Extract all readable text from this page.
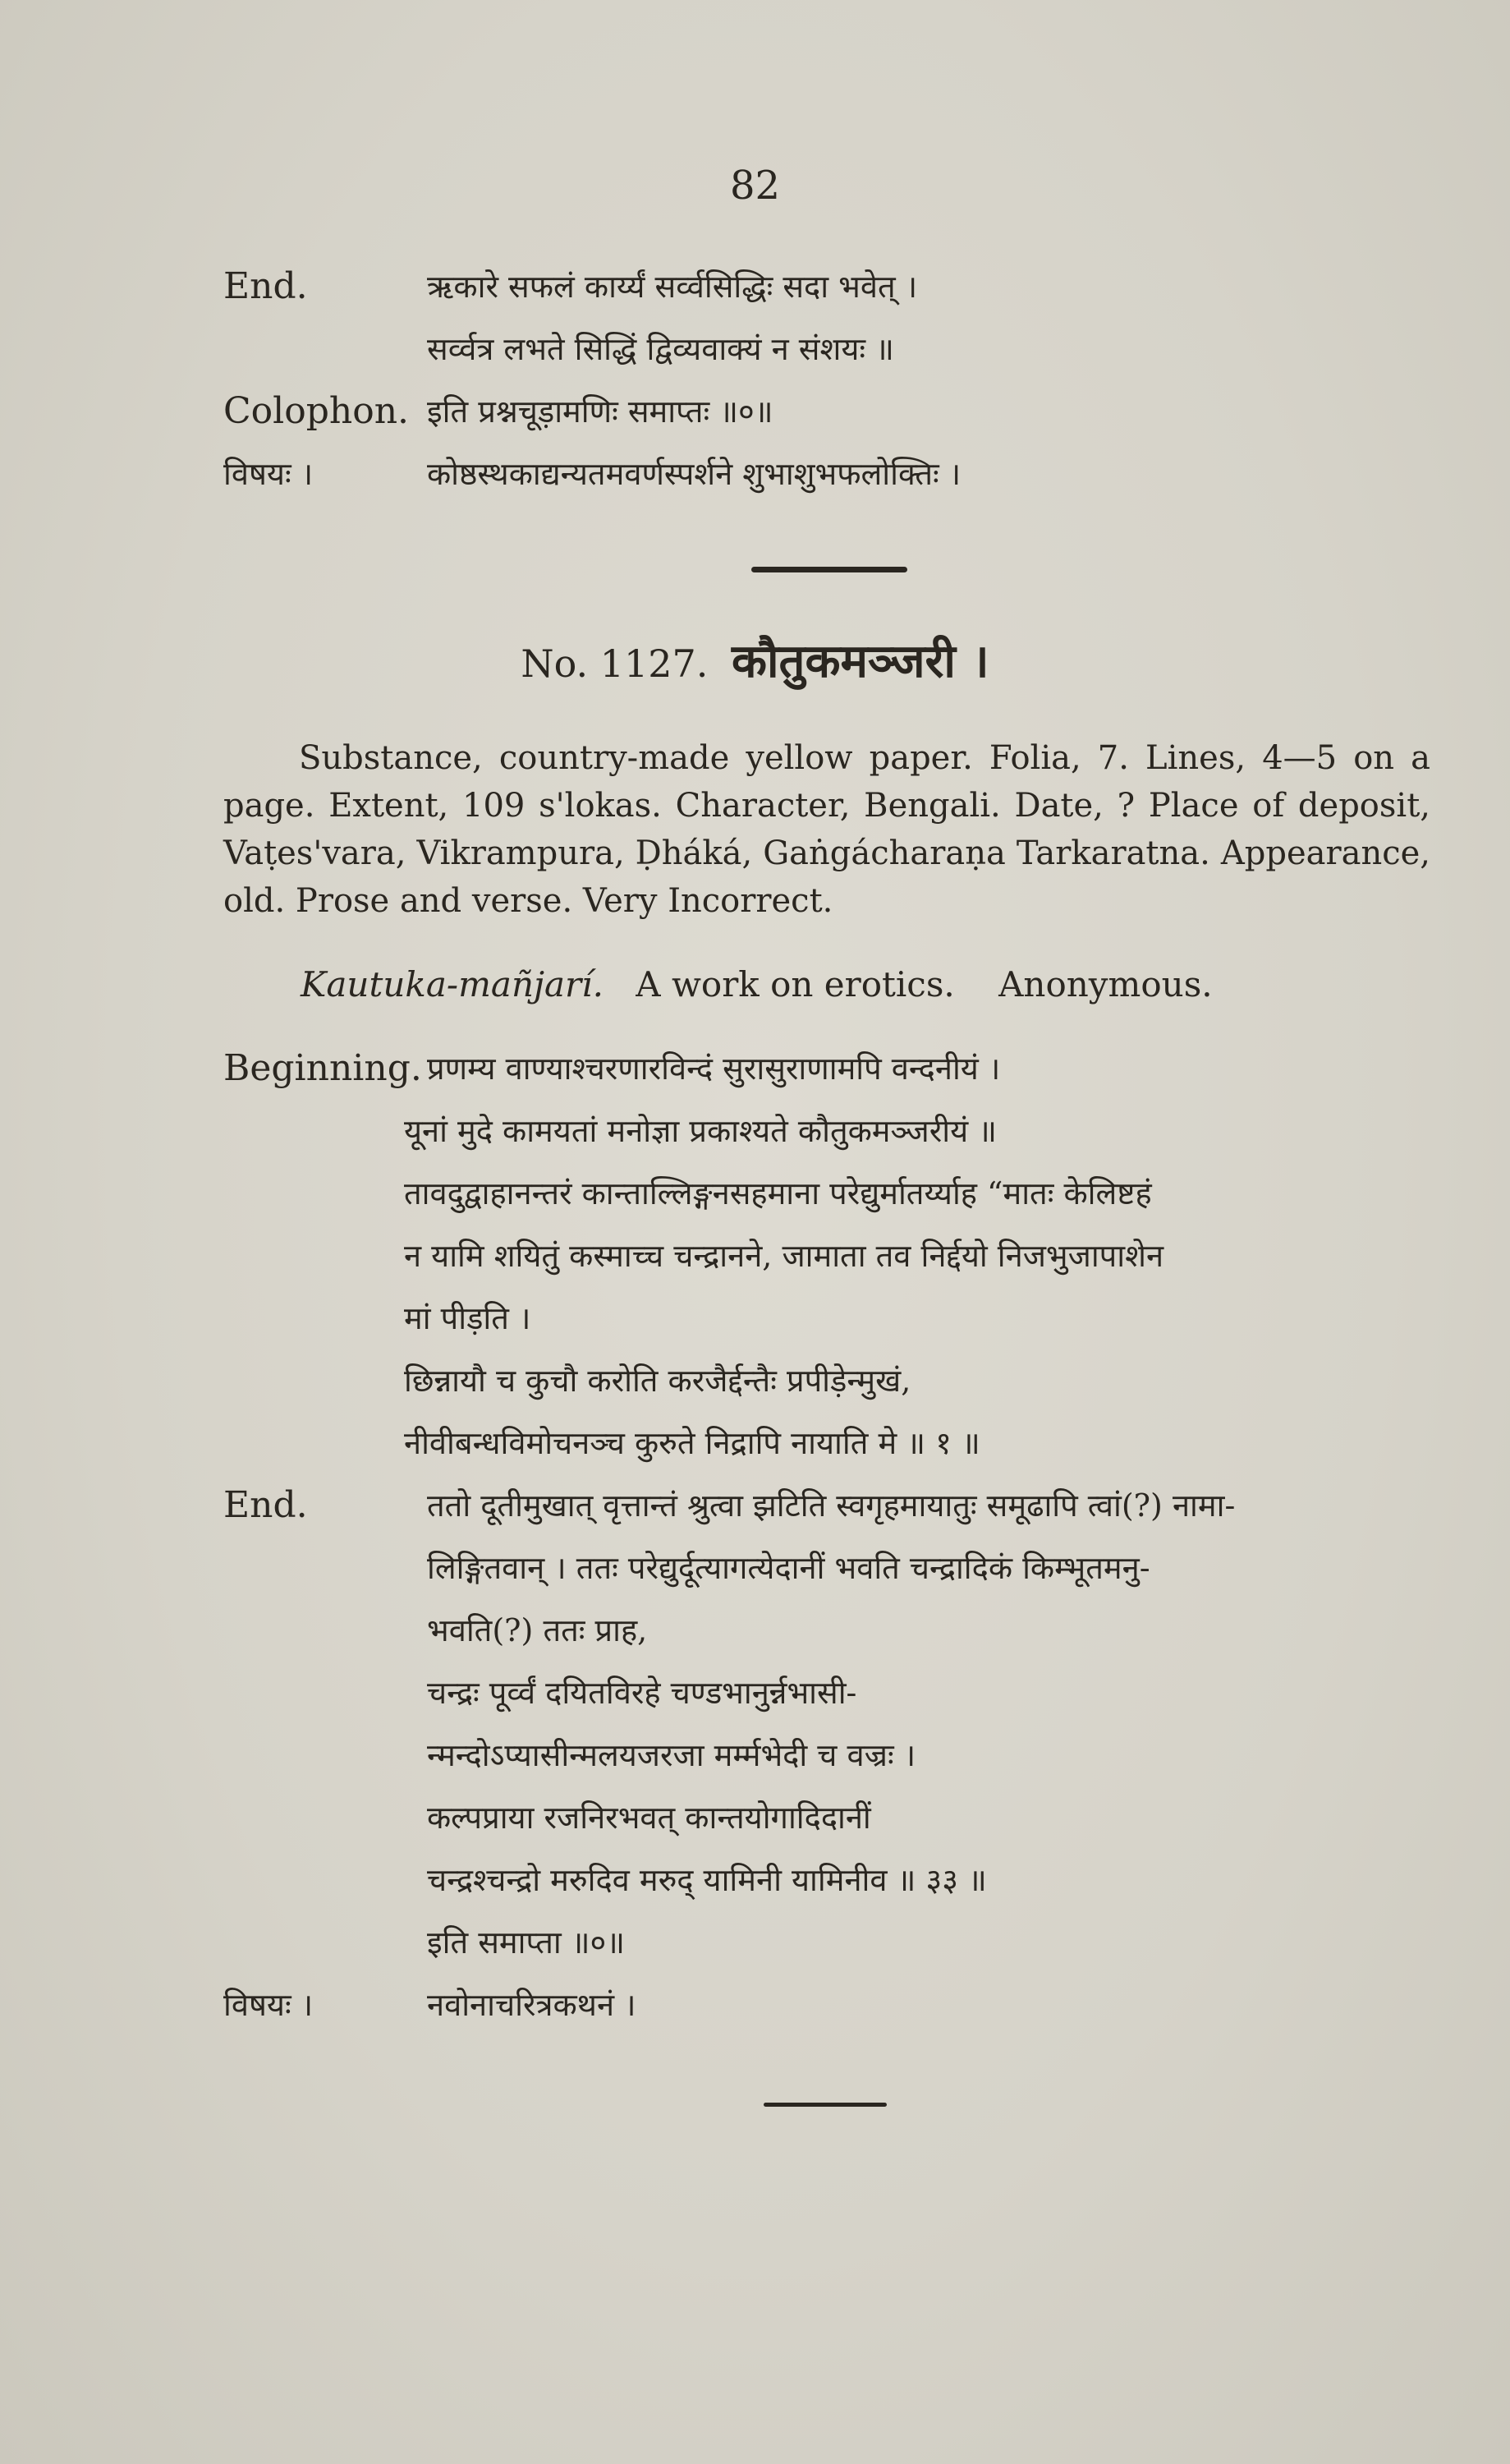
82
End.	ऋकारे सफलं कार्य्यं सर्व्वसिद्धिः सदा भवेत् ।
सर्व्वत्र लभते सिद्धिं द्विव्यवाक्यं न संशयः ॥
Colophon. इति प्रश्नचूड़ामणिः समाप्तः ॥०॥
विषयः ।	कोष्ठस्थकाद्यन्यतमवर्णस्पर्शने शुभाशुभफलोक्तिः ।
No. 1127. कौतुकमञ्जरी ।
Substance, country-made yellow paper. Folia, 7. Lines, 4—5 on a page. Extent, 109 s'lokas. Character, Bengali. Date, ? Place of deposit, Vaṭes'vara, Vikrampura, Ḍháká, Gaṅgácharaṇa Tarkaratna. Appearance, old. Prose and verse. Very Incorrect.
Kautuka-mañjarí. A work on erotics. Anonymous.
Beginning. प्रणम्य वाण्याश्चरणारविन्दं सुरासुराणामपि वन्दनीयं ।
यूनां मुदे कामयतां मनोज्ञा प्रकाश्यते कौतुकमञ्जरीयं ॥
तावदुद्वाहानन्तरं कान्ताल्लिङ्गनसहमाना परेद्युर्मातर्य्याह “मातः केलिष्टहं
न यामि शयितुं कस्माच्च चन्द्रानने, जामाता तव निर्द्दयो निजभुजापाशेन
मां पीड़ति ।
छिन्नायौ च कुचौ करोति करजैर्द्दन्तैः प्रपीड़ेन्मुखं,
नीवीबन्धविमोचनञ्च कुरुते निद्रापि नायाति मे ॥ १ ॥
End.	ततो दूतीमुखात् वृत्तान्तं श्रुत्वा झटिति स्वगृहमायातुः समूढापि त्वां(?) नामा-
लिङ्गितवान् । ततः परेद्युर्दूत्यागत्येदानीं भवति चन्द्रादिकं किम्भूतमनु-
भवति(?) ततः प्राह,
चन्द्रः पूर्व्वं दयितविरहे चण्डभानुर्न्नभासी-
न्मन्दोऽप्यासीन्मलयजरजा मर्म्मभेदी च वज्रः ।
कल्पप्राया रजनिरभवत् कान्तयोगादिदानीं
चन्द्रश्चन्द्रो मरुदिव मरुद् यामिनी यामिनीव ॥ ३३ ॥
इति समाप्ता ॥०॥
विषयः ।	नवोनाचरित्रकथनं ।
